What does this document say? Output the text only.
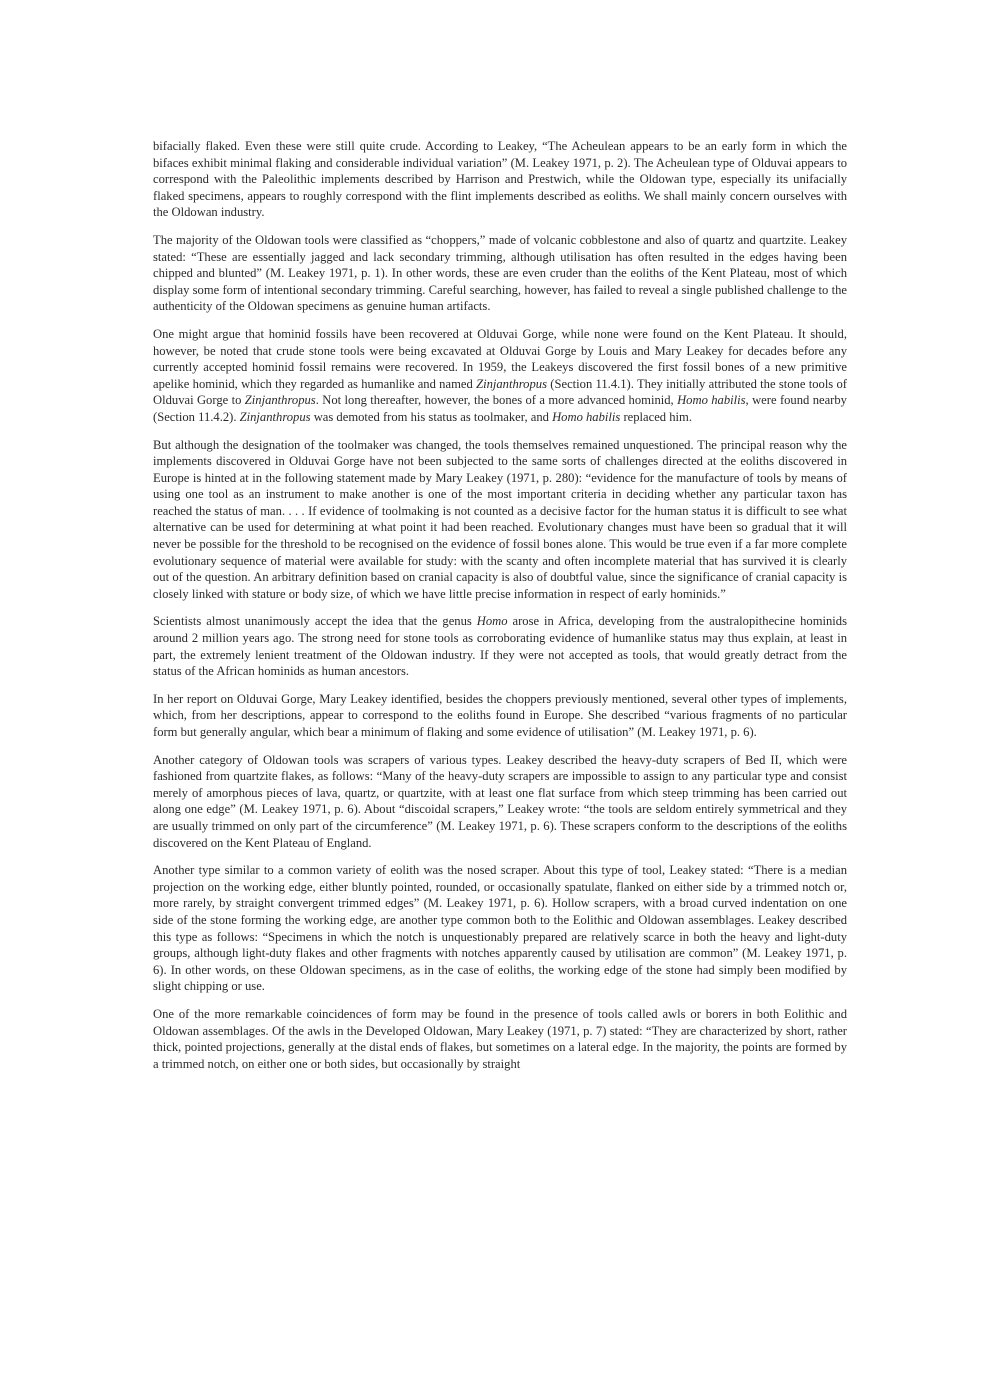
bifacially flaked. Even these were still quite crude. According to Leakey, “The Acheulean appears to be an early form in which the bifaces exhibit minimal flaking and considerable individual variation” (M. Leakey 1971, p. 2). The Acheulean type of Olduvai appears to correspond with the Paleolithic implements described by Harrison and Prestwich, while the Oldowan type, especially its unifacially flaked specimens, appears to roughly correspond with the flint implements described as eoliths. We shall mainly concern ourselves with the Oldowan industry.

The majority of the Oldowan tools were classified as “choppers,” made of volcanic cobblestone and also of quartz and quartzite. Leakey stated: “These are essentially jagged and lack secondary trimming, although utilisation has often resulted in the edges having been chipped and blunted” (M. Leakey 1971, p. 1). In other words, these are even cruder than the eoliths of the Kent Plateau, most of which display some form of intentional secondary trimming. Careful searching, however, has failed to reveal a single published challenge to the authenticity of the Oldowan specimens as genuine human artifacts.

One might argue that hominid fossils have been recovered at Olduvai Gorge, while none were found on the Kent Plateau. It should, however, be noted that crude stone tools were being excavated at Olduvai Gorge by Louis and Mary Leakey for decades before any currently accepted hominid fossil remains were recovered. In 1959, the Leakeys discovered the first fossil bones of a new primitive apelike hominid, which they regarded as humanlike and named Zinjanthropus (Section 11.4.1). They initially attributed the stone tools of Olduvai Gorge to Zinjanthropus. Not long thereafter, however, the bones of a more advanced hominid, Homo habilis, were found nearby (Section 11.4.2). Zinjanthropus was demoted from his status as toolmaker, and Homo habilis replaced him.

But although the designation of the toolmaker was changed, the tools themselves remained unquestioned. The principal reason why the implements discovered in Olduvai Gorge have not been subjected to the same sorts of challenges directed at the eoliths discovered in Europe is hinted at in the following statement made by Mary Leakey (1971, p. 280): “evidence for the manufacture of tools by means of using one tool as an instrument to make another is one of the most important criteria in deciding whether any particular taxon has reached the status of man. . . . If evidence of toolmaking is not counted as a decisive factor for the human status it is difficult to see what alternative can be used for determining at what point it had been reached. Evolutionary changes must have been so gradual that it will never be possible for the threshold to be recognised on the evidence of fossil bones alone. This would be true even if a far more complete evolutionary sequence of material were available for study: with the scanty and often incomplete material that has survived it is clearly out of the question. An arbitrary definition based on cranial capacity is also of doubtful value, since the significance of cranial capacity is closely linked with stature or body size, of which we have little precise information in respect of early hominids.”

Scientists almost unanimously accept the idea that the genus Homo arose in Africa, developing from the australopithecine hominids around 2 million years ago. The strong need for stone tools as corroborating evidence of humanlike status may thus explain, at least in part, the extremely lenient treatment of the Oldowan industry. If they were not accepted as tools, that would greatly detract from the status of the African hominids as human ancestors.

In her report on Olduvai Gorge, Mary Leakey identified, besides the choppers previously mentioned, several other types of implements, which, from her descriptions, appear to correspond to the eoliths found in Europe. She described “various fragments of no particular form but generally angular, which bear a minimum of flaking and some evidence of utilisation” (M. Leakey 1971, p. 6).

Another category of Oldowan tools was scrapers of various types. Leakey described the heavy-duty scrapers of Bed II, which were fashioned from quartzite flakes, as follows: “Many of the heavy-duty scrapers are impossible to assign to any particular type and consist merely of amorphous pieces of lava, quartz, or quartzite, with at least one flat surface from which steep trimming has been carried out along one edge” (M. Leakey 1971, p. 6). About “discoidal scrapers,” Leakey wrote: “the tools are seldom entirely symmetrical and they are usually trimmed on only part of the circumference” (M. Leakey 1971, p. 6). These scrapers conform to the descriptions of the eoliths discovered on the Kent Plateau of England.

Another type similar to a common variety of eolith was the nosed scraper. About this type of tool, Leakey stated: “There is a median projection on the working edge, either bluntly pointed, rounded, or occasionally spatulate, flanked on either side by a trimmed notch or, more rarely, by straight convergent trimmed edges” (M. Leakey 1971, p. 6). Hollow scrapers, with a broad curved indentation on one side of the stone forming the working edge, are another type common both to the Eolithic and Oldowan assemblages. Leakey described this type as follows: “Specimens in which the notch is unquestionably prepared are relatively scarce in both the heavy and light-duty groups, although light-duty flakes and other fragments with notches apparently caused by utilisation are common” (M. Leakey 1971, p. 6). In other words, on these Oldowan specimens, as in the case of eoliths, the working edge of the stone had simply been modified by slight chipping or use.

One of the more remarkable coincidences of form may be found in the presence of tools called awls or borers in both Eolithic and Oldowan assemblages. Of the awls in the Developed Oldowan, Mary Leakey (1971, p. 7) stated: “They are characterized by short, rather thick, pointed projections, generally at the distal ends of flakes, but sometimes on a lateral edge. In the majority, the points are formed by a trimmed notch, on either one or both sides, but occasionally by straight
